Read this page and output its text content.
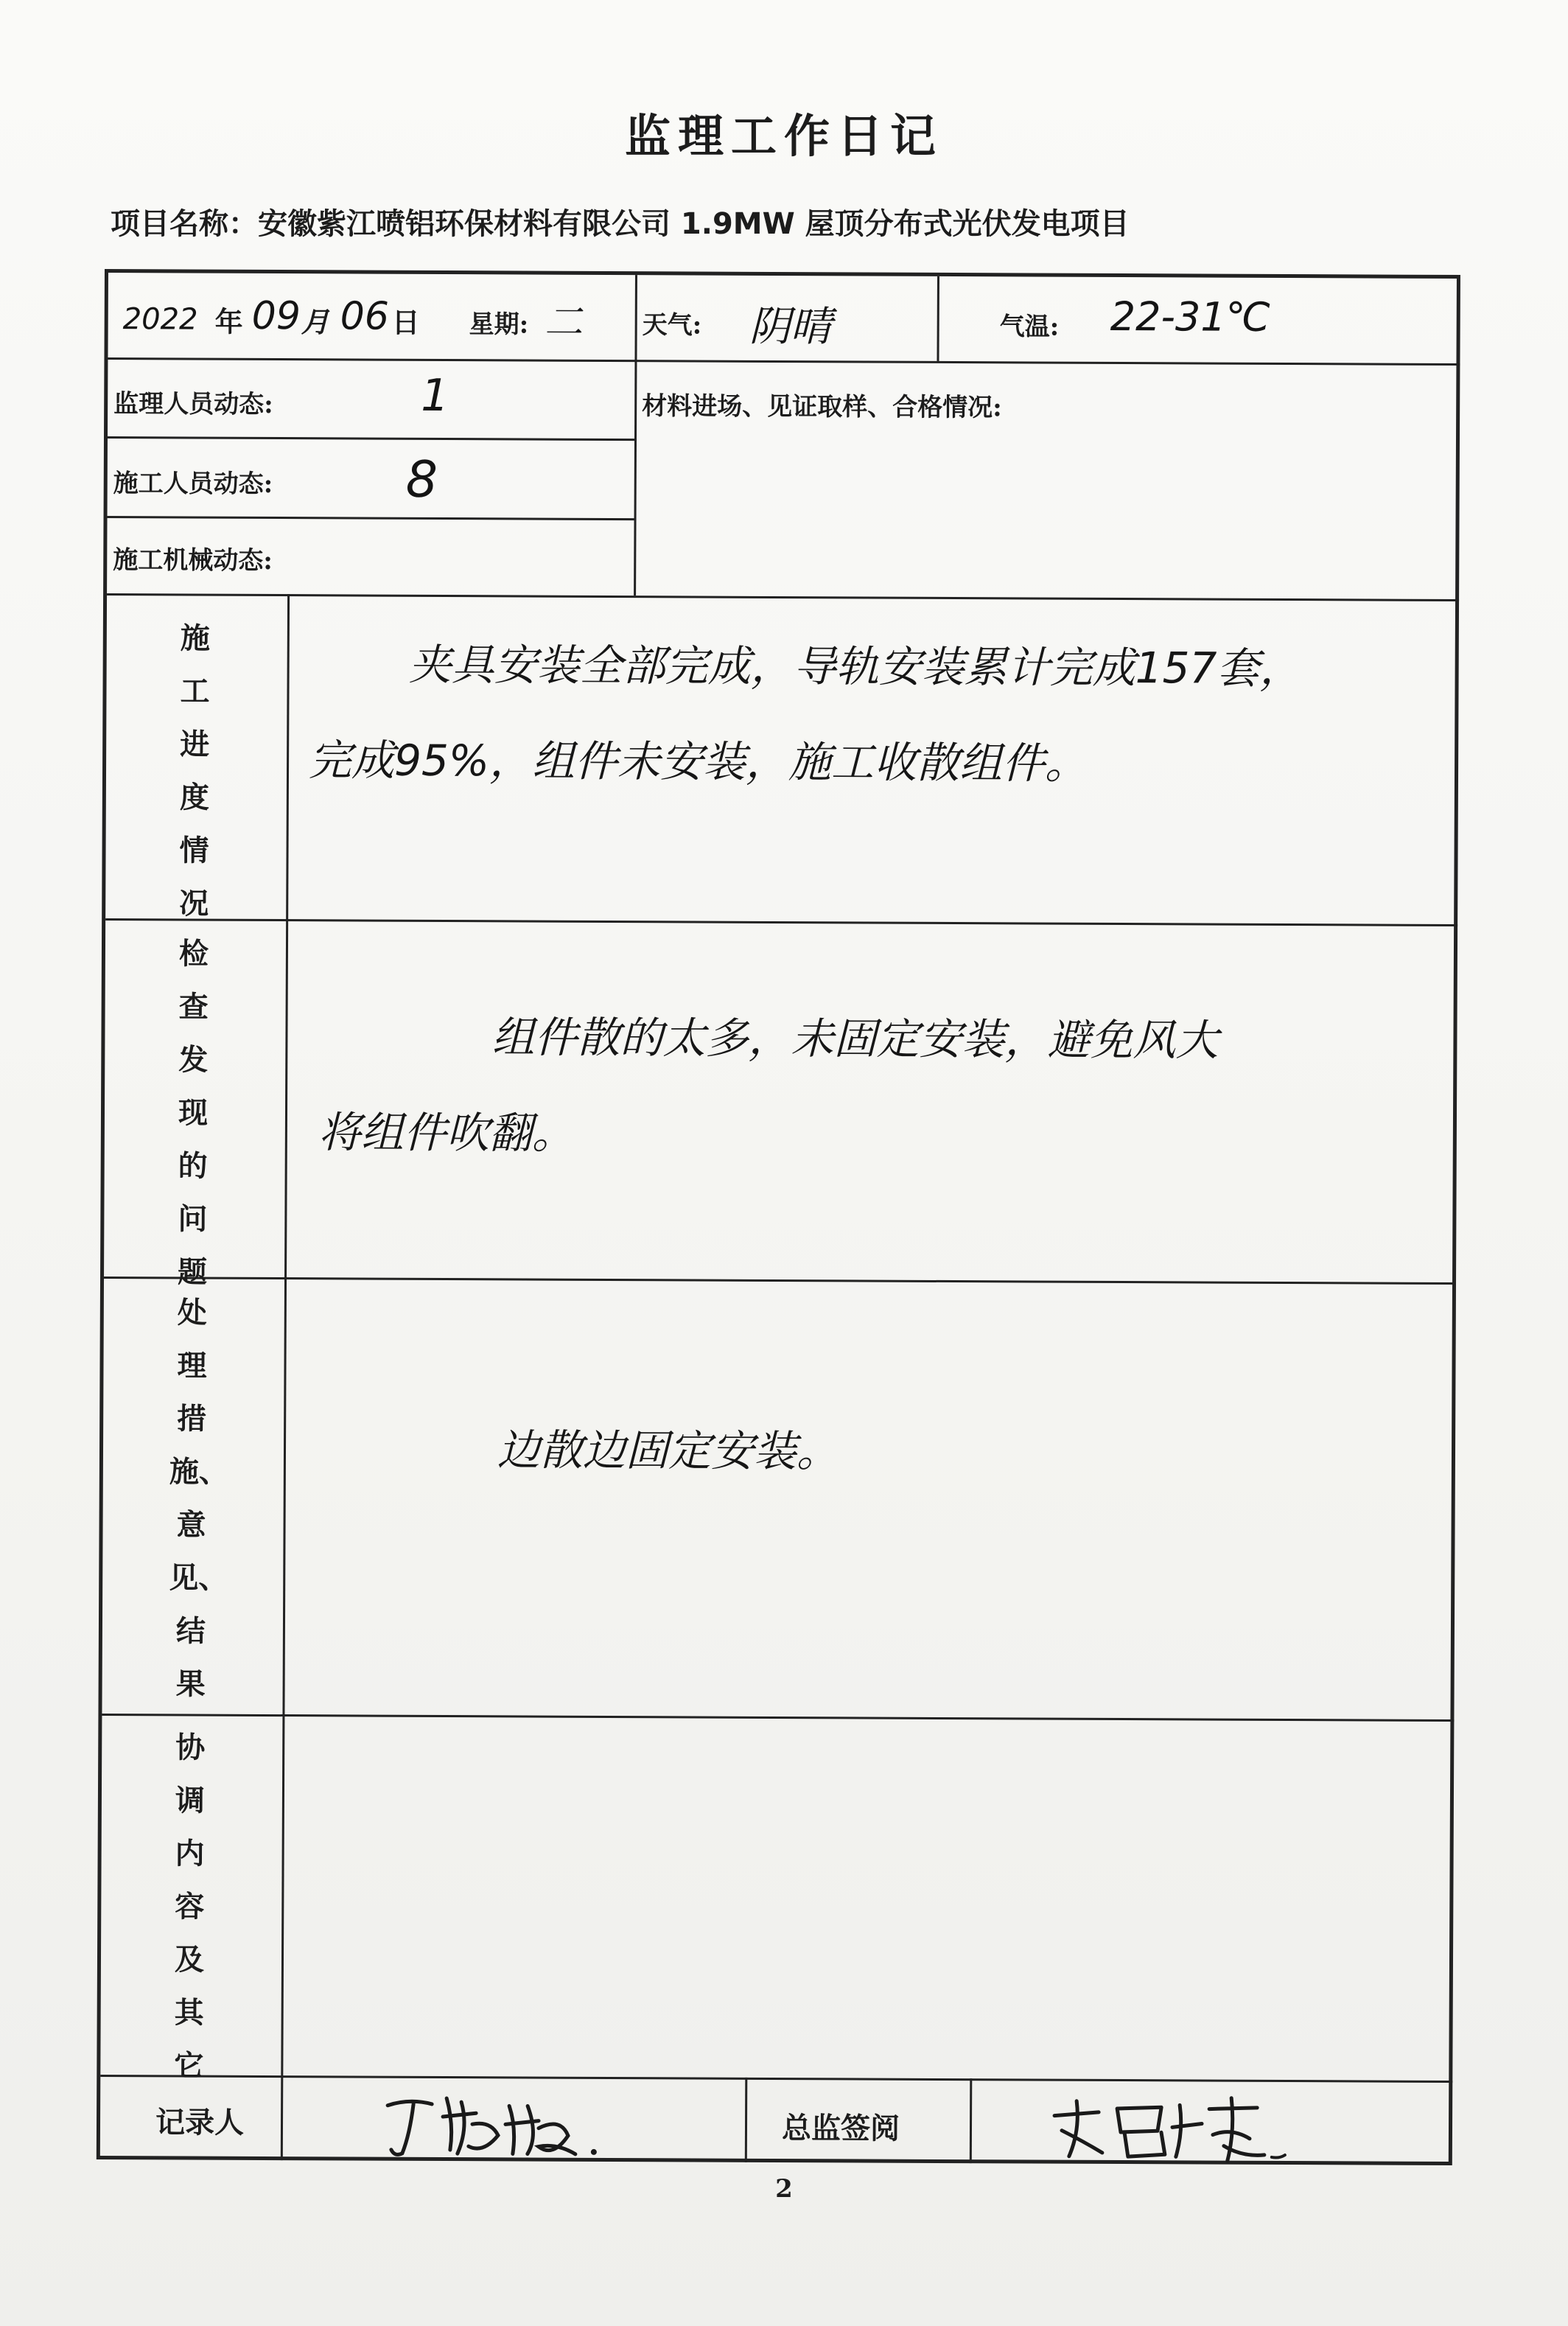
监理工作日记
项目名称：安徽紫江喷铝环保材料有限公司 1.9MW 屋顶分布式光伏发电项目
2022 年 09 月 06 日 星期: 二 天气: 阴晴	气温: 22-31℃
监理人员动态:	1
施工人员动态:	8
施工机械动态:
材料进场、见证取样、合格情况:
施工进度情况
夹具安装全部完成，导轨安装累计完成157套，
完成95%，组件未安装，施工收散组件。
检查发现的问题
组件散的太多，未固定安装，避免风大
将组件吹翻。
处理措施、意见、结果
边散边固定安装。
协调内容及其它
记录人	总监签阅
2
